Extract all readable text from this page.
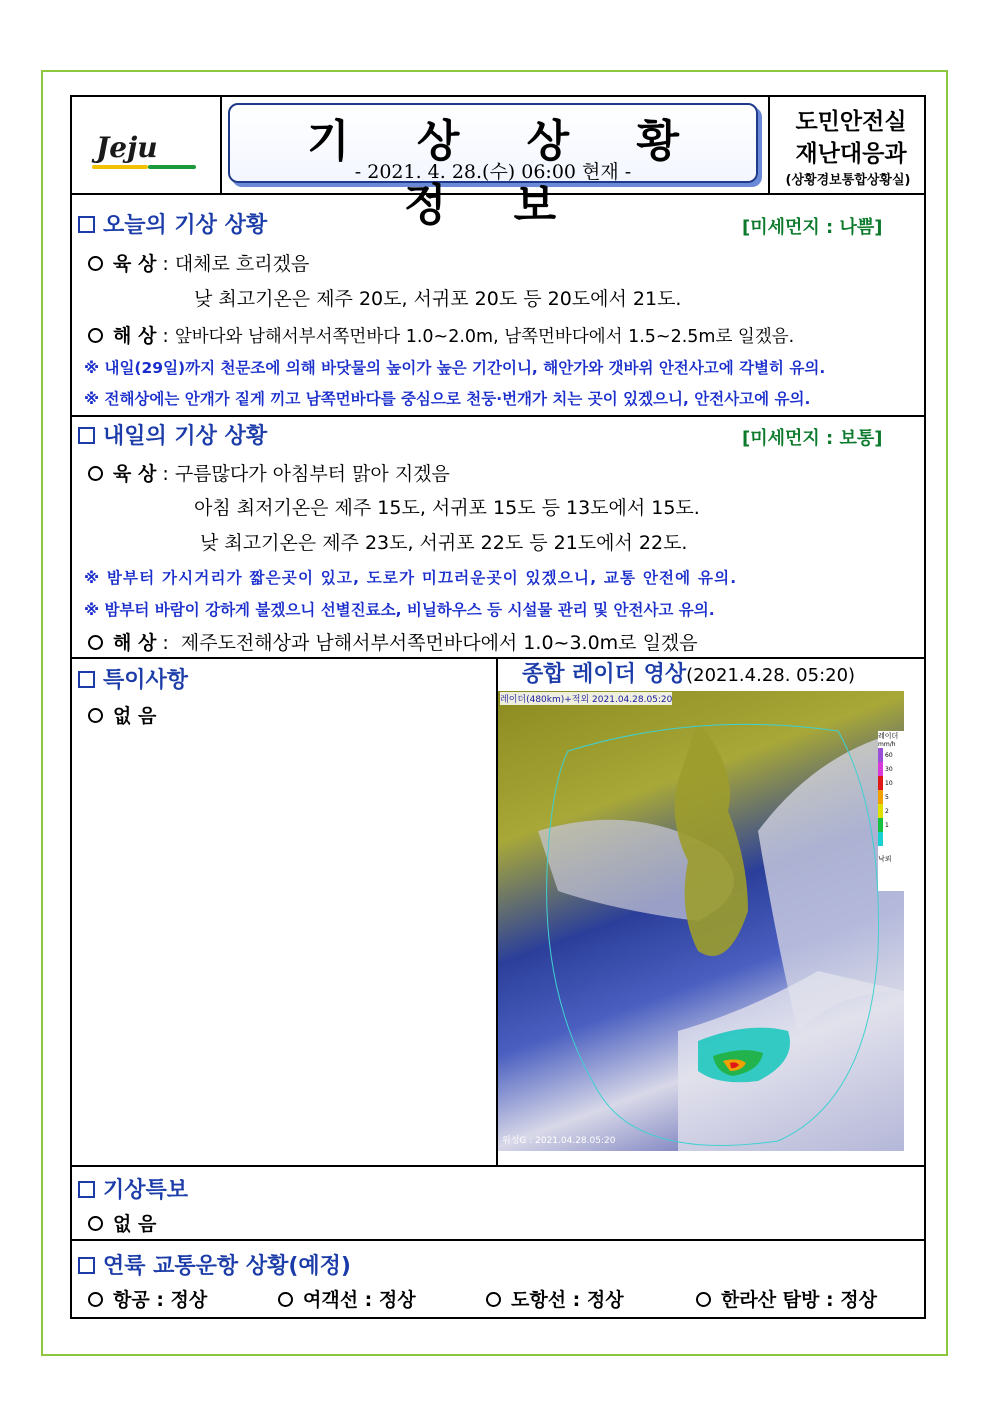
Jeju	기 상 상 황 정 보
- 2021. 4. 28.(수) 06:00 현재 -
도민안전실
재난대응과
(상황경보통합상황실)
오늘의 기상 상황	[미세먼지 : 나쁨]
육 상 : 대체로 흐리겠음
낮 최고기온은 제주 20도, 서귀포 20도 등 20도에서 21도.
해 상 : 앞바다와 남해서부서쪽먼바다 1.0~2.0m, 남쪽먼바다에서 1.5~2.5m로 일겠음.
※ 내일(29일)까지 천문조에 의해 바닷물의 높이가 높은 기간이니, 해안가와 갯바위 안전사고에 각별히 유의.
※ 전해상에는 안개가 짙게 끼고 남쪽먼바다를 중심으로 천둥·번개가 치는 곳이 있겠으니, 안전사고에 유의.
내일의 기상 상황	[미세먼지 : 보통]
육 상 : 구름많다가 아침부터 맑아 지겠음
아침 최저기온은 제주 15도, 서귀포 15도 등 13도에서 15도.
낮 최고기온은 제주 23도, 서귀포 22도 등 21도에서 22도.
※ 밤부터 가시거리가 짧은곳이 있고, 도로가 미끄러운곳이 있겠으니, 교통 안전에 유의.
※ 밤부터 바람이 강하게 불겠으니 선별진료소, 비닐하우스 등 시설물 관리 및 안전사고 유의.
해 상 :  제주도전해상과 남해서부서쪽먼바다에서 1.0~3.0m로 일겠음
특이사항
없 음
종합 레이더 영상(2021.4.28. 05:20)
레이더(480km)+적외 2021.04.28.05:20
위성G : 2021.04.28.05:20
레이더
mm/h
60
30
10
5
2
1
낙뢰
기상특보
없 음
연륙 교통운항 상황(예정)
항공 : 정상	여객선 : 정상	도항선 : 정상	한라산 탐방 : 정상
